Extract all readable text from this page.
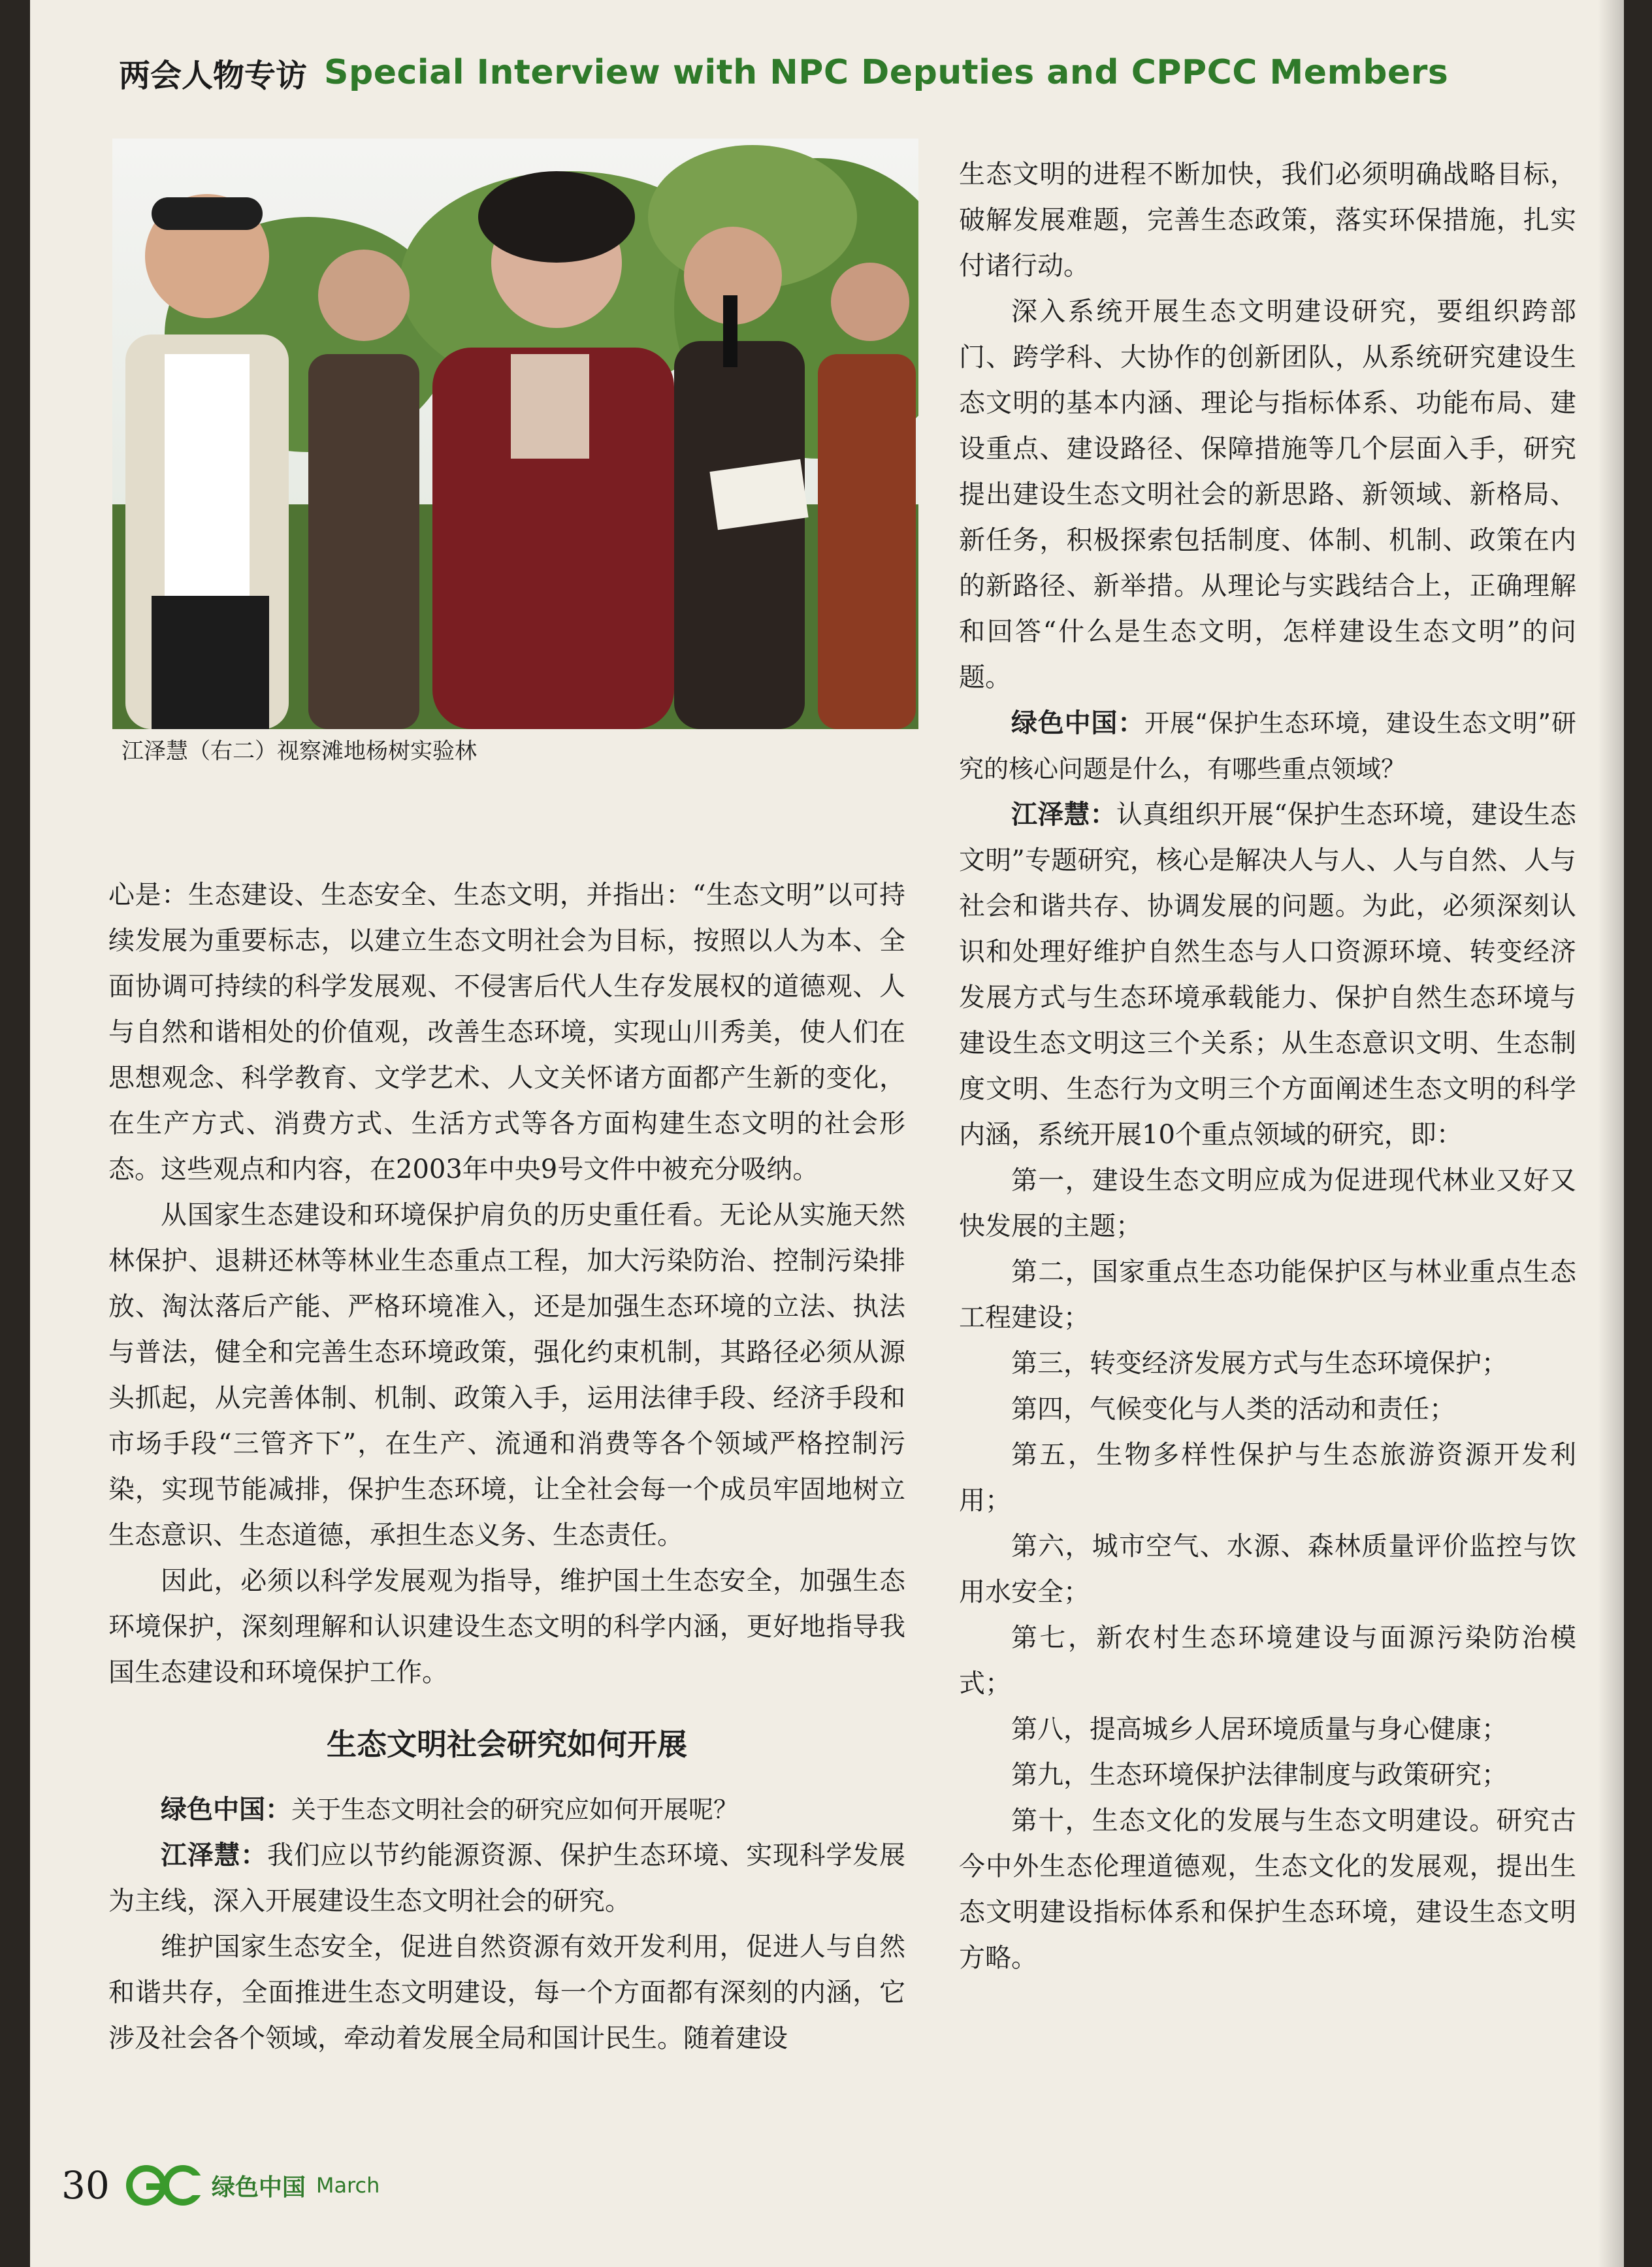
两会人物专访 Special Interview with NPC Deputies and CPPCC Members
江泽慧（右二）视察滩地杨树实验林

心是：生态建设、生态安全、生态文明，并指出：“生态文明”以可持续发展为重要标志，以建立生态文明社会为目标，按照以人为本、全面协调可持续的科学发展观、不侵害后代人生存发展权的道德观、人与自然和谐相处的价值观，改善生态环境，实现山川秀美，使人们在思想观念、科学教育、文学艺术、人文关怀诸方面都产生新的变化，在生产方式、消费方式、生活方式等各方面构建生态文明的社会形态。这些观点和内容，在2003年中央9号文件中被充分吸纳。

从国家生态建设和环境保护肩负的历史重任看。无论从实施天然林保护、退耕还林等林业生态重点工程，加大污染防治、控制污染排放、淘汰落后产能、严格环境准入，还是加强生态环境的立法、执法与普法，健全和完善生态环境政策，强化约束机制，其路径必须从源头抓起，从完善体制、机制、政策入手，运用法律手段、经济手段和市场手段“三管齐下”，在生产、流通和消费等各个领域严格控制污染，实现节能减排，保护生态环境，让全社会每一个成员牢固地树立生态意识、生态道德，承担生态义务、生态责任。

因此，必须以科学发展观为指导，维护国土生态安全，加强生态环境保护，深刻理解和认识建设生态文明的科学内涵，更好地指导我国生态建设和环境保护工作。

生态文明社会研究如何开展

绿色中国：关于生态文明社会的研究应如何开展呢？

江泽慧：我们应以节约能源资源、保护生态环境、实现科学发展为主线，深入开展建设生态文明社会的研究。

维护国家生态安全，促进自然资源有效开发利用，促进人与自然和谐共存，全面推进生态文明建设，每一个方面都有深刻的内涵，它涉及社会各个领域，牵动着发展全局和国计民生。随着建设

生态文明的进程不断加快，我们必须明确战略目标，破解发展难题，完善生态政策，落实环保措施，扎实付诸行动。

深入系统开展生态文明建设研究，要组织跨部门、跨学科、大协作的创新团队，从系统研究建设生态文明的基本内涵、理论与指标体系、功能布局、建设重点、建设路径、保障措施等几个层面入手，研究提出建设生态文明社会的新思路、新领域、新格局、新任务，积极探索包括制度、体制、机制、政策在内的新路径、新举措。从理论与实践结合上，正确理解和回答“什么是生态文明，怎样建设生态文明”的问题。

绿色中国：开展“保护生态环境，建设生态文明”研究的核心问题是什么，有哪些重点领域？

江泽慧：认真组织开展“保护生态环境，建设生态文明”专题研究，核心是解决人与人、人与自然、人与社会和谐共存、协调发展的问题。为此，必须深刻认识和处理好维护自然生态与人口资源环境、转变经济发展方式与生态环境承载能力、保护自然生态环境与建设生态文明这三个关系；从生态意识文明、生态制度文明、生态行为文明三个方面阐述生态文明的科学内涵，系统开展10个重点领域的研究，即：

第一，建设生态文明应成为促进现代林业又好又快发展的主题；

第二，国家重点生态功能保护区与林业重点生态工程建设；

第三，转变经济发展方式与生态环境保护；

第四，气候变化与人类的活动和责任；

第五，生物多样性保护与生态旅游资源开发利用；

第六，城市空气、水源、森林质量评价监控与饮用水安全；

第七，新农村生态环境建设与面源污染防治模式；

第八，提高城乡人居环境质量与身心健康；

第九，生态环境保护法律制度与政策研究；

第十，生态文化的发展与生态文明建设。研究古今中外生态伦理道德观，生态文化的发展观，提出生态文明建设指标体系和保护生态环境，建设生态文明方略。

30	绿色中国 March
